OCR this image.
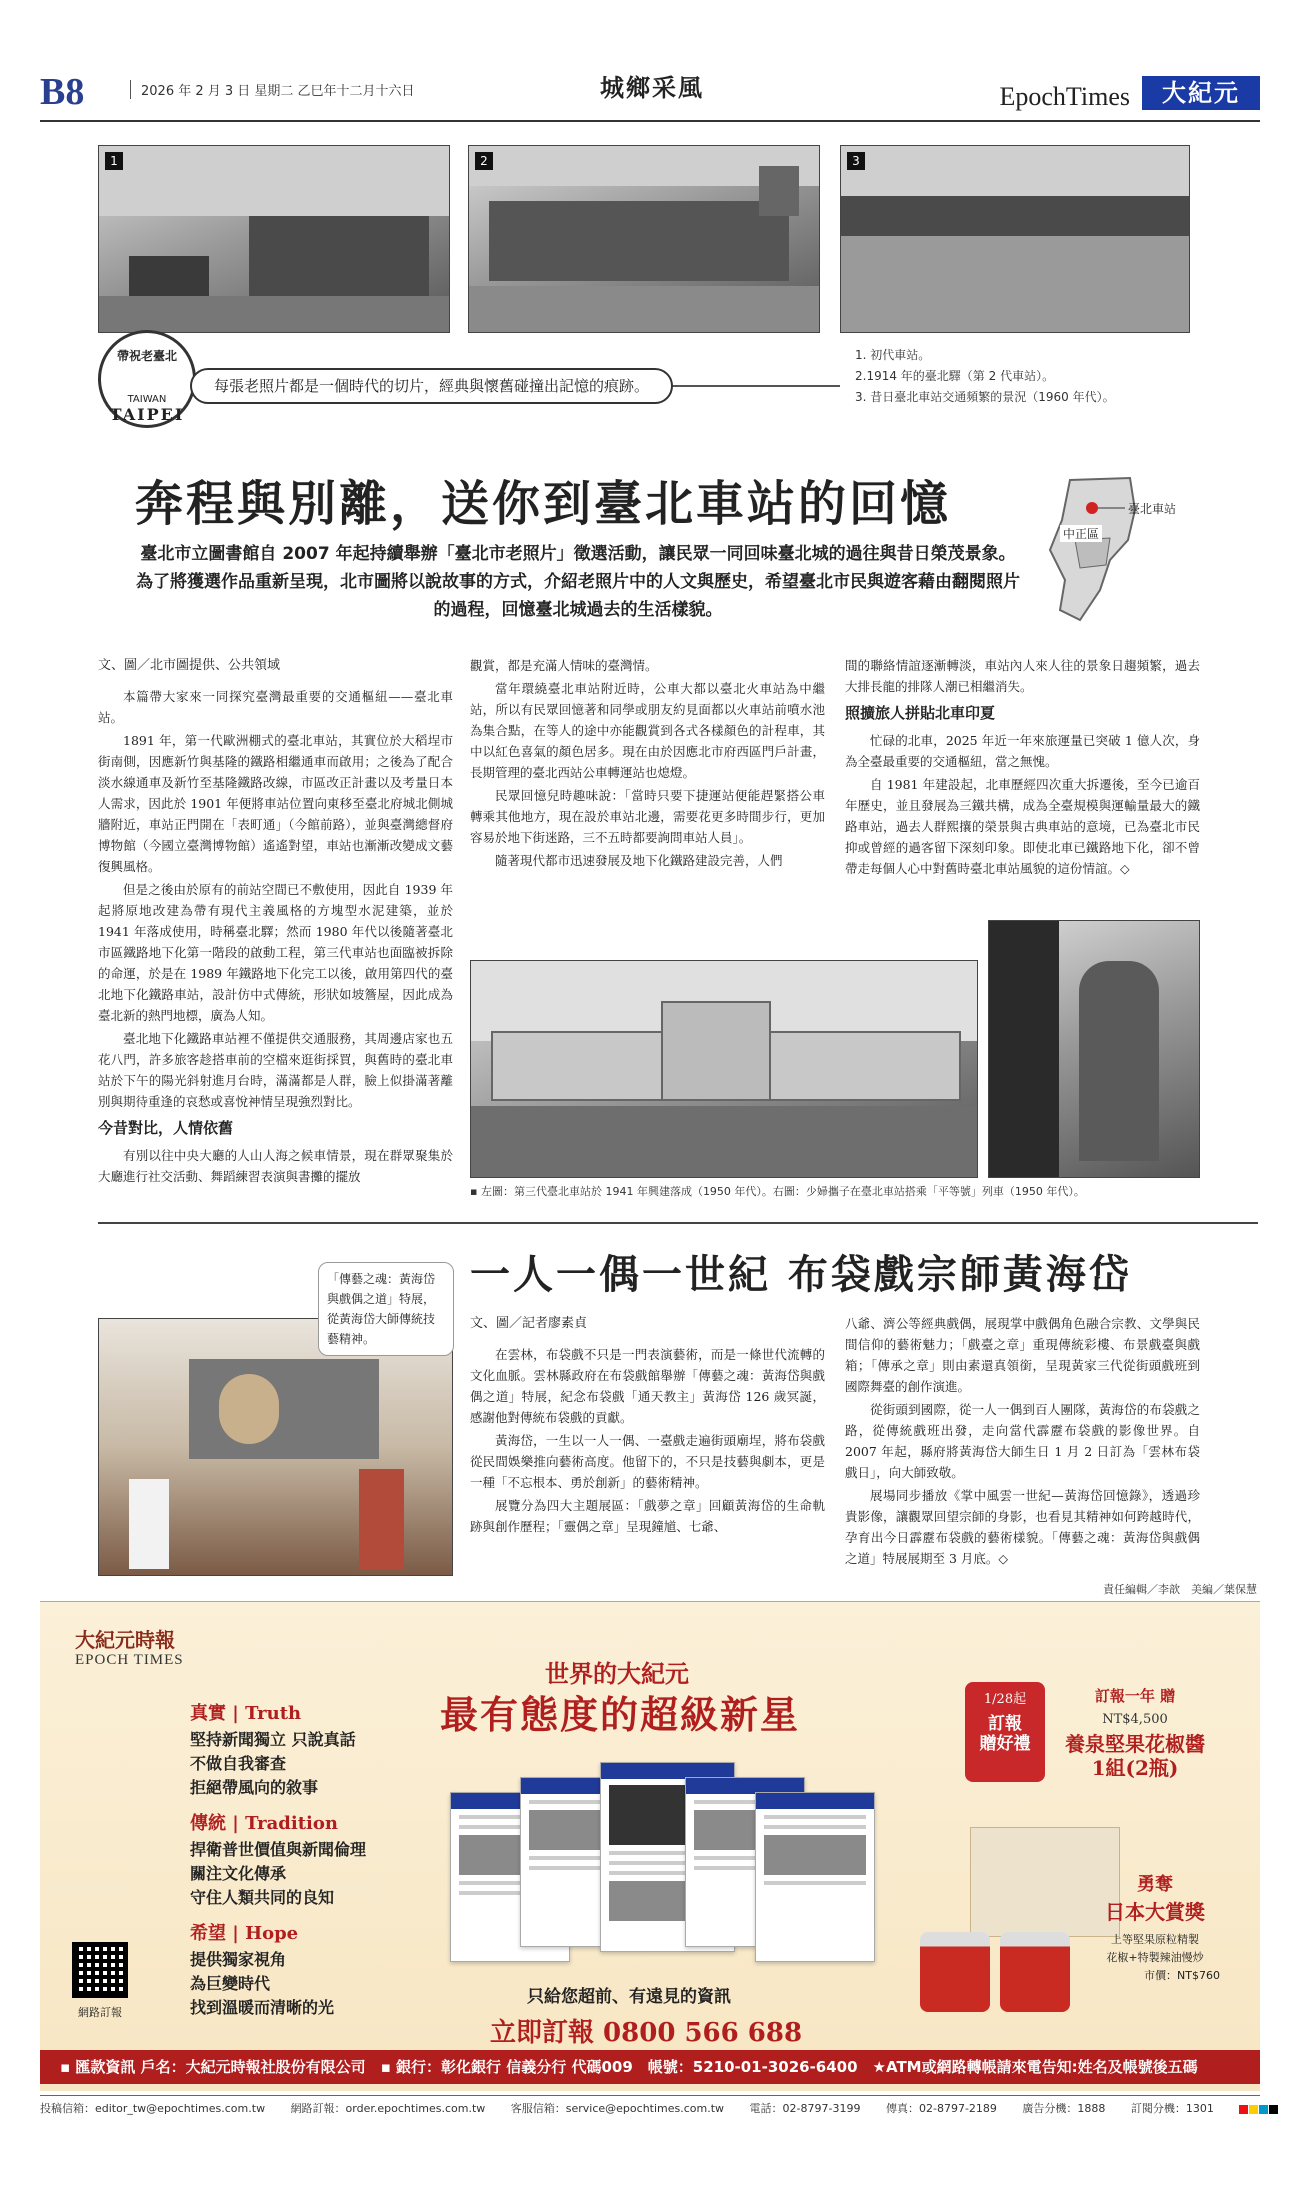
B8	2026 年 2 月 3 日 星期二 乙巳年十二月十六日	城鄉采風	EpochTimes	大紀元
1	2	3
1. 初代車站。
2.1914 年的臺北驛（第 2 代車站）。
3. 昔日臺北車站交通頻繁的景況（1960 年代）。
帶祝老臺北
TAIWAN
TAIPEI
每張老照片都是一個時代的切片，經典與懷舊碰撞出記憶的痕跡。
奔程與別離，送你到臺北車站的回憶
臺北市立圖書館自 2007 年起持續舉辦「臺北市老照片」徵選活動，讓民眾一同回味臺北城的過往與昔日榮茂景象。為了將獲選作品重新呈現，北市圖將以說故事的方式，介紹老照片中的人文與歷史，希望臺北市民與遊客藉由翻閱照片的過程，回憶臺北城過去的生活樣貌。
臺北車站
中正區
文、圖／北市圖提供、公共領域

本篇帶大家來一同探究臺灣最重要的交通樞紐——臺北車站。

1891 年，第一代歐洲棚式的臺北車站，其實位於大稻埕市街南側，因應新竹與基隆的鐵路相繼通車而啟用；之後為了配合淡水線通車及新竹至基隆鐵路改線，市區改正計畫以及考量日本人需求，因此於 1901 年便將車站位置向東移至臺北府城北側城牆附近，車站正門開在「表町通」（今館前路），並與臺灣總督府博物館（今國立臺灣博物館）遙遙對望，車站也漸漸改變成文藝復興風格。

但是之後由於原有的前站空間已不敷使用，因此自 1939 年起將原地改建為帶有現代主義風格的方塊型水泥建築，並於 1941 年落成使用，時稱臺北驛；然而 1980 年代以後隨著臺北市區鐵路地下化第一階段的啟動工程，第三代車站也面臨被拆除的命運，於是在 1989 年鐵路地下化完工以後，啟用第四代的臺北地下化鐵路車站，設計仿中式傳統，形狀如坡簷屋，因此成為臺北新的熱門地標，廣為人知。

臺北地下化鐵路車站裡不僅提供交通服務，其周邊店家也五花八門，許多旅客趁搭車前的空檔來逛街採買，與舊時的臺北車站於下午的陽光斜射進月台時，滿滿都是人群，臉上似掛滿著離別與期待重逢的哀愁或喜悅神情呈現強烈對比。

今昔對比，人情依舊

有別以往中央大廳的人山人海之候車情景，現在群眾聚集於大廳進行社交活動、舞蹈練習表演與書攤的擺放

觀賞，都是充滿人情味的臺灣情。

當年環繞臺北車站附近時，公車大都以臺北火車站為中繼站，所以有民眾回憶著和同學或朋友約見面都以火車站前噴水池為集合點，在等人的途中亦能觀賞到各式各樣顏色的計程車，其中以紅色喜氣的顏色居多。現在由於因應北市府西區門戶計畫，長期管理的臺北西站公車轉運站也熄燈。

民眾回憶兒時趣味說：「當時只要下捷運站便能趕緊搭公車轉乘其他地方，現在設於車站北邊，需要花更多時間步行，更加容易於地下街迷路，三不五時都要詢問車站人員」。

隨著現代都市迅速發展及地下化鐵路建設完善，人們

間的聯絡情誼逐漸轉淡，車站內人來人往的景象日趨頻繁，過去大排長龍的排隊人潮已相繼消失。

照擴旅人拼貼北車印夏

忙碌的北車，2025 年近一年來旅運量已突破 1 億人次，身為全臺最重要的交通樞紐，當之無愧。

自 1981 年建設起，北車歷經四次重大拆遷後，至今已逾百年歷史，並且發展為三鐵共構，成為全臺規模與運輸量最大的鐵路車站，過去人群熙攘的榮景與古典車站的意境，已為臺北市民抑或曾經的過客留下深刻印象。即使北車已鐵路地下化，卻不曾帶走每個人心中對舊時臺北車站風貌的這份情誼。◇

▪ 左圖：第三代臺北車站於 1941 年興建落成（1950 年代）。右圖：少婦攜子在臺北車站搭乘「平等號」列車（1950 年代）。
一人一偶一世紀 布袋戲宗師黃海岱
「傳藝之魂：黃海岱與戲偶之道」特展，從黃海岱大師傳統技藝精神。
文、圖／記者廖素貞

在雲林，布袋戲不只是一門表演藝術，而是一條世代流轉的文化血脈。雲林縣政府在布袋戲館舉辦「傳藝之魂：黃海岱與戲偶之道」特展，紀念布袋戲「通天教主」黃海岱 126 歲冥誕，感謝他對傳統布袋戲的貢獻。

黃海岱，一生以一人一偶、一臺戲走遍街頭廟埕，將布袋戲從民間娛樂推向藝術高度。他留下的，不只是技藝與劇本，更是一種「不忘根本、勇於創新」的藝術精神。

展覽分為四大主題展區：「戲夢之章」回顧黃海岱的生命軌跡與創作歷程；「靈偶之章」呈現鐘馗、七爺、

八爺、濟公等經典戲偶，展現掌中戲偶角色融合宗教、文學與民間信仰的藝術魅力；「戲臺之章」重現傳統彩樓、布景戲臺與戲箱；「傳承之章」則由素還真領銜，呈現黃家三代從街頭戲班到國際舞臺的創作演進。

從街頭到國際，從一人一偶到百人團隊，黃海岱的布袋戲之路，從傳統戲班出發，走向當代霹靂布袋戲的影像世界。自 2007 年起，縣府將黃海岱大師生日 1 月 2 日訂為「雲林布袋戲日」，向大師致敬。

展場同步播放《掌中風雲一世紀—黃海岱回憶錄》，透過珍貴影像，讓觀眾回望宗師的身影，也看見其精神如何跨越時代，孕育出今日霹靂布袋戲的藝術樣貌。「傳藝之魂：黃海岱與戲偶之道」特展展期至 3 月底。◇

責任編輯／李歆　美編／葉保慧
大紀元時報
EPOCH TIMES
真實 | Truth
堅持新聞獨立 只說真話
不做自我審查
拒絕帶風向的敘事
傳統 | Tradition
捍衛普世價值與新聞倫理
關注文化傳承
守住人類共同的良知
希望 | Hope
提供獨家視角
為巨變時代
找到溫暖而清晰的光
網路訂報
世界的大紀元
最有態度的超級新星
只給您超前、有遠見的資訊
立即訂報 0800 566 688
1/28起
訂報
贈好禮
訂報一年 贈
NT$4,500
養泉堅果花椒醬
1組(2瓶)
勇奪
日本大賞獎
上等堅果原粒精製
花椒+特製辣油慢炒
市價：NT$760
▪ 匯款資訊 戶名：大紀元時報社股份有限公司　▪ 銀行：彰化銀行 信義分行 代碼009　帳號：5210-01-3026-6400　★ATM或網路轉帳請來電告知:姓名及帳號後五碼
投稿信箱：editor_tw@epochtimes.com.tw 網路訂報：order.epochtimes.com.tw 客服信箱：service@epochtimes.com.tw 電話：02-8797-3199 傳真：02-8797-2189 廣告分機：1888 訂閱分機：1301
